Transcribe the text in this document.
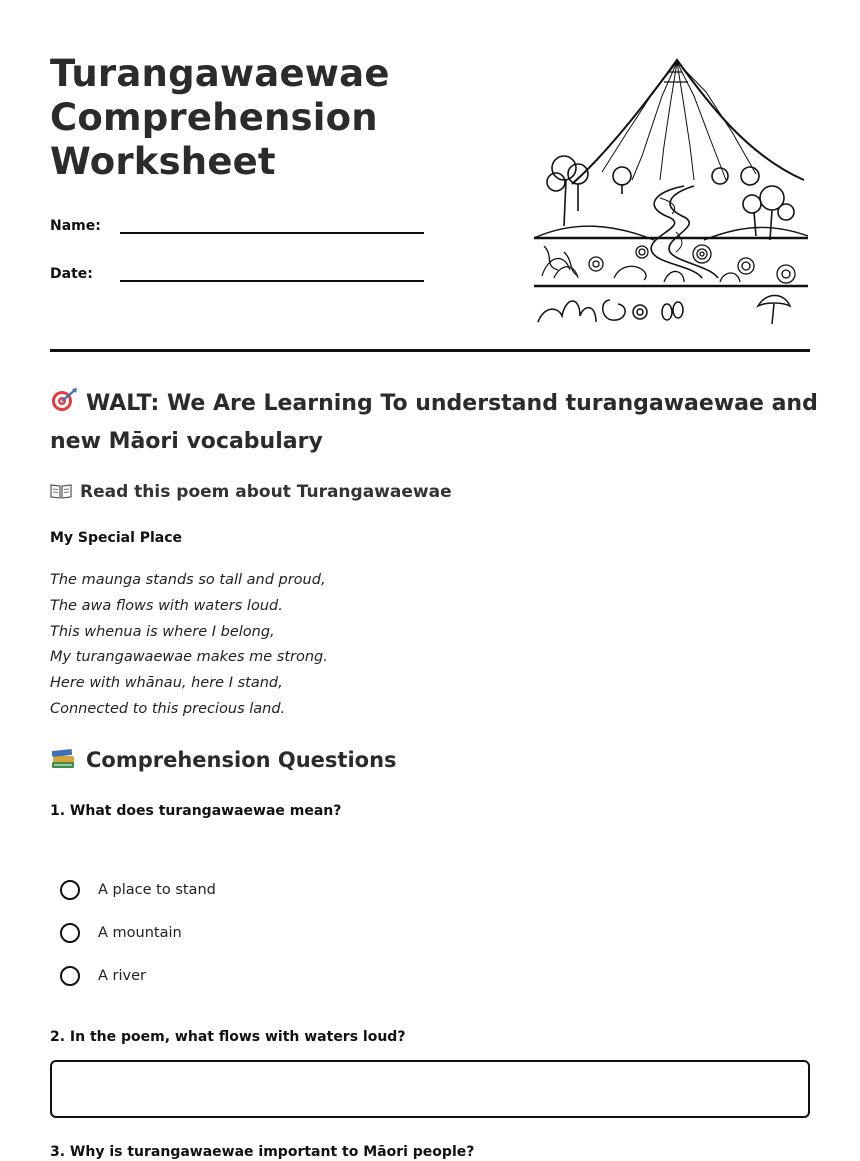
Turangawaewae
Comprehension
Worksheet
Name:
Date:
WALT: We Are Learning To understand turangawaewae and new Māori vocabulary
Read this poem about Turangawaewae

My Special Place

The maunga stands so tall and proud,
The awa flows with waters loud.
This whenua is where I belong,
My turangawaewae makes me strong.
Here with whānau, here I stand,
Connected to this precious land.
Comprehension Questions

1. What does turangawaewae mean?

A place to stand
A mountain
A river

2. In the poem, what flows with waters loud?

3. Why is turangawaewae important to Māori people?
